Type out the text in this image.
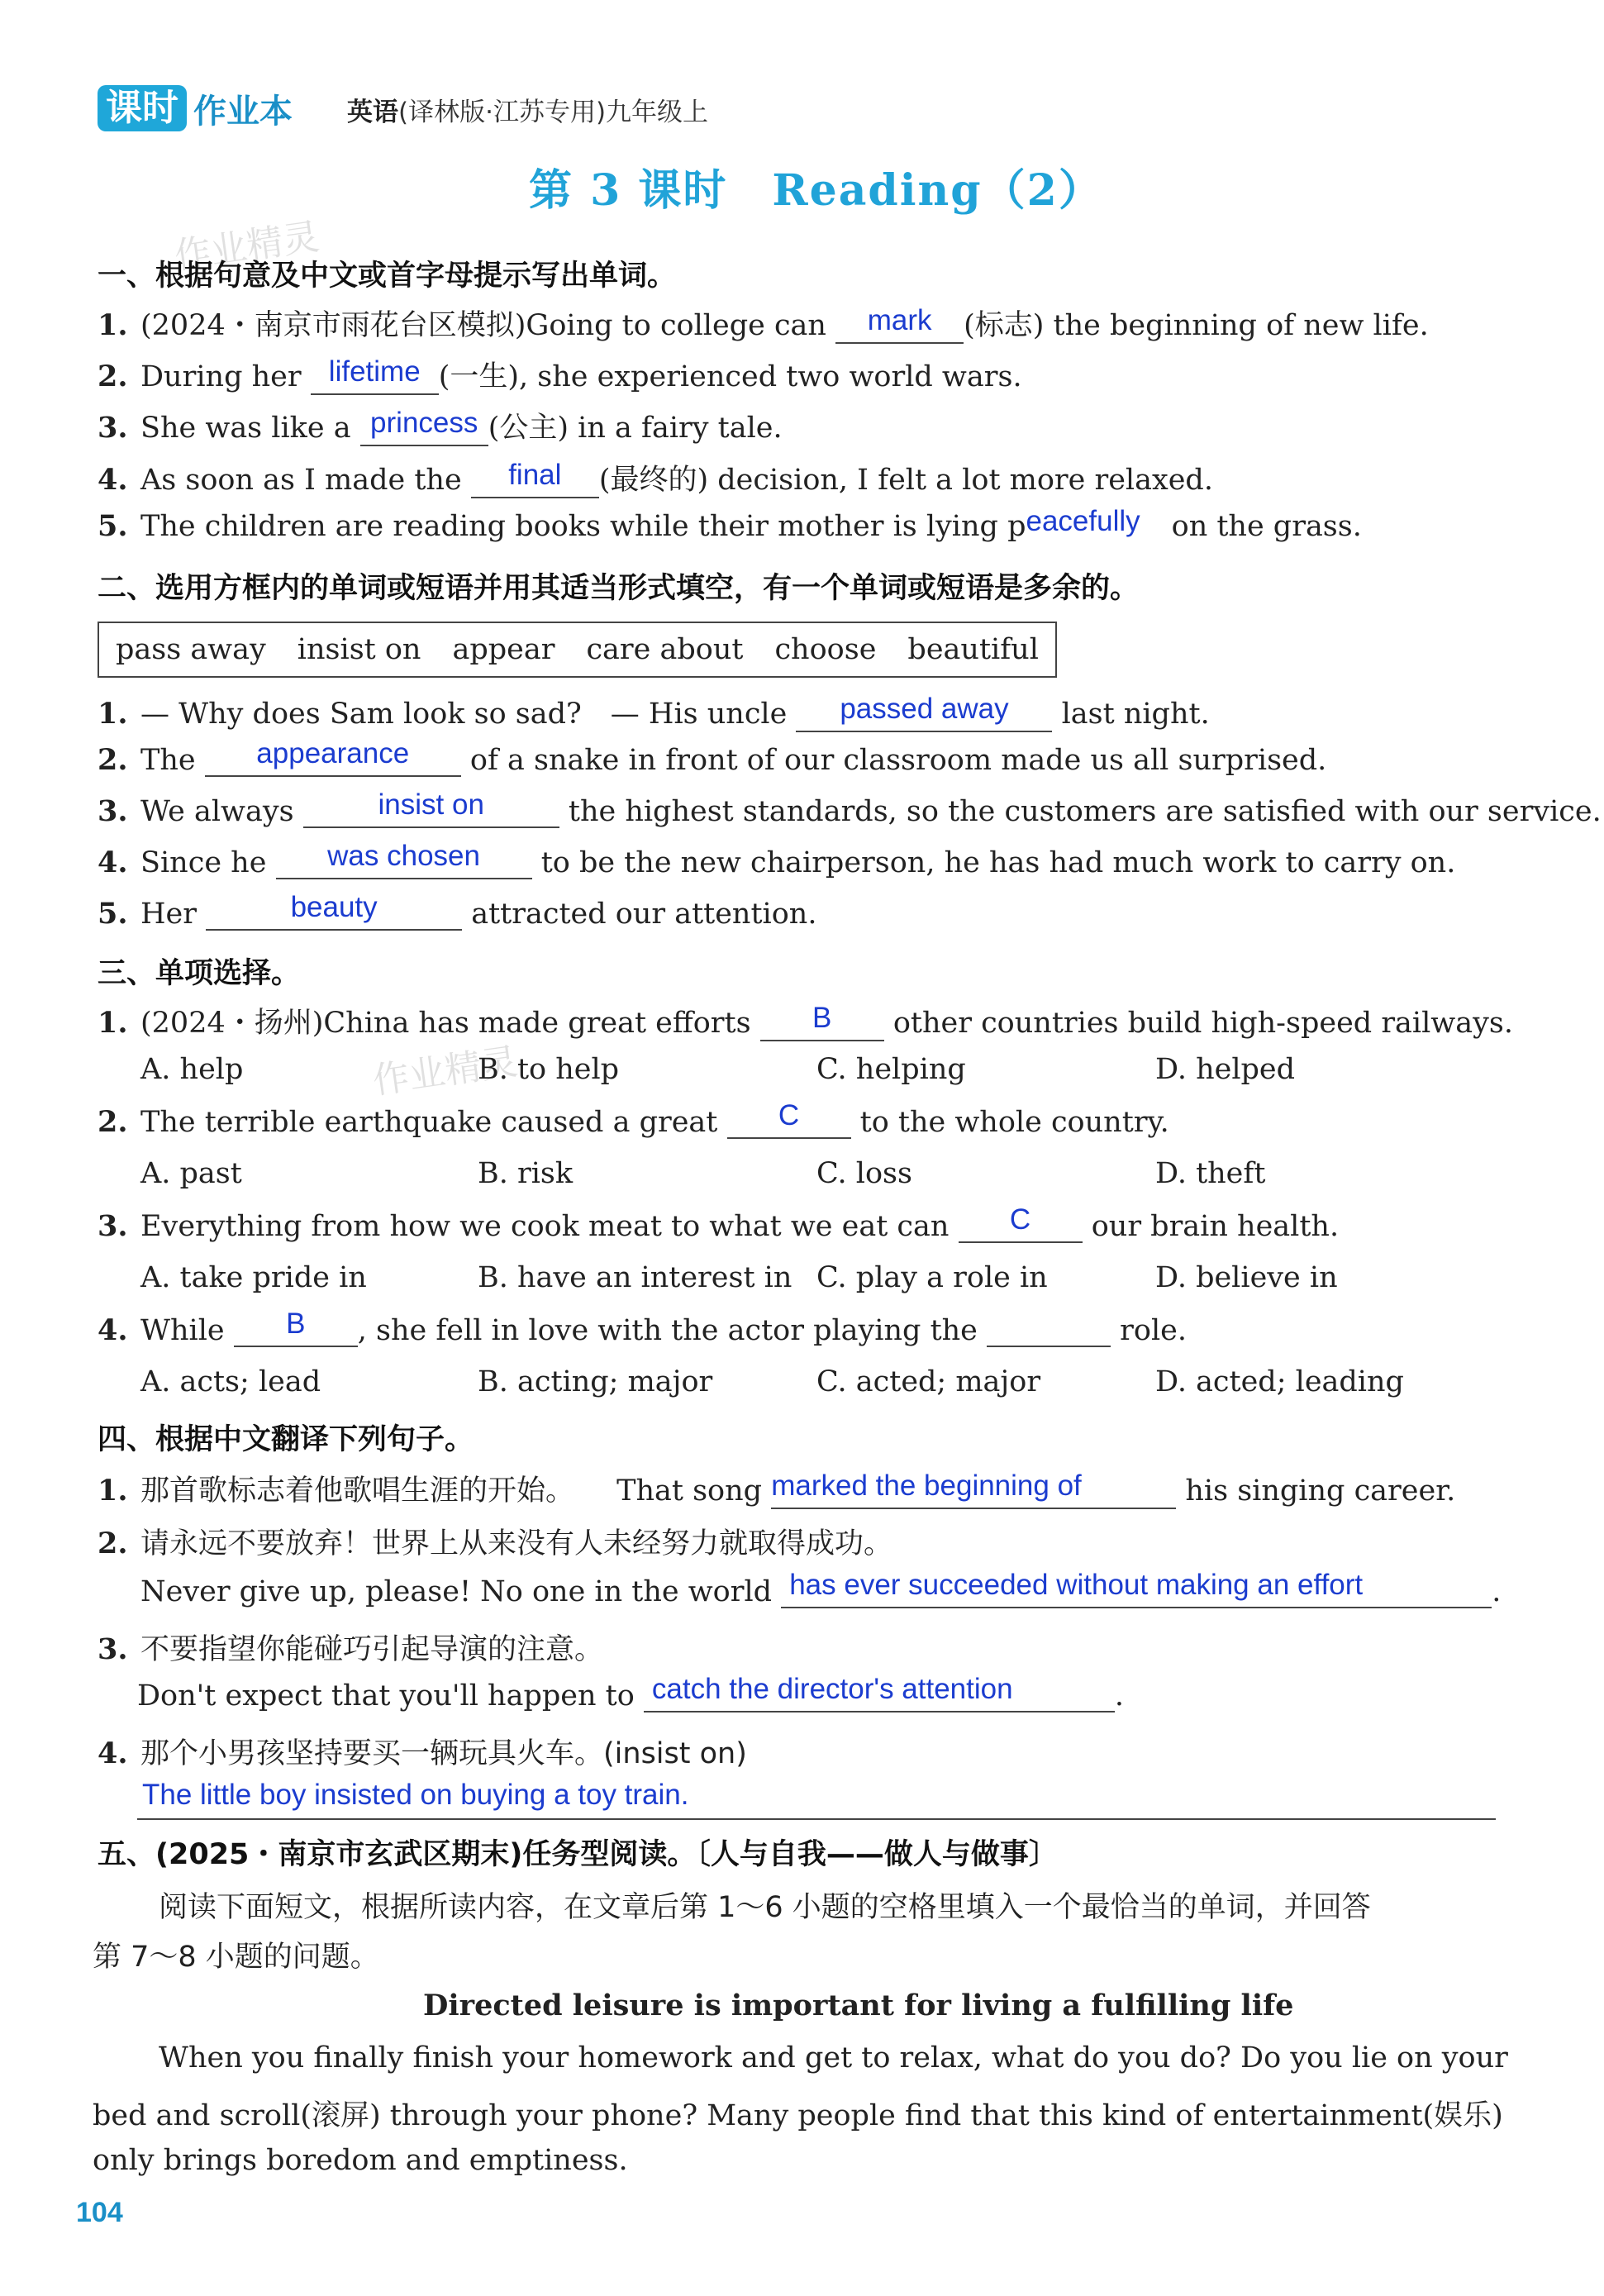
课时 作业本 英语(译林版·江苏专用)九年级上
第 3 课时　Reading（2）
作业精灵
作业精灵
一、根据句意及中文或首字母提示写出单词。
1. (2024・南京市雨花台区模拟)Going to college can	mark	(标志) the beginning of new life.
2. During her lifetime (一生), she experienced two world wars.
3. She was like a princess (公主) in a fairy tale.
4. As soon as I made the	final	(最终的) decision, I felt a lot more relaxed.
5. The children are reading books while their mother is lying p eacefully	on the grass.
二、选用方框内的单词或短语并用其适当形式填空，有一个单词或短语是多余的。
pass away insist on appear care about choose beautiful
1. — Why does Sam look so sad?　— His uncle	passed away	last night.
2. The	appearance	of a snake in front of our classroom made us all surprised.
3. We always	insist on	the highest standards, so the customers are satisfied with our service.
4. Since he	was chosen	to be the new chairperson, he has had much work to carry on.
5. Her	beauty	attracted our attention.
三、单项选择。
1. (2024・扬州)China has made great efforts	B	other countries build high-speed railways.
A. help	B. to help	C. helping	D. helped
2. The terrible earthquake caused a great	C	to the whole country.
A. past	B. risk	C. loss	D. theft
3. Everything from how we cook meat to what we eat can	C	our brain health.
A. take pride in	B. have an interest in C. play a role in	D. believe in
4. While	B	, she fell in love with the actor playing the	role.
A. acts; lead	B. acting; major	C. acted; major	D. acted; leading
四、根据中文翻译下列句子。
1. 那首歌标志着他歌唱生涯的开始。 That song marked the beginning of	his singing career.
2. 请永远不要放弃！世界上从来没有人未经努力就取得成功。
Never give up, please! No one in the world has ever succeeded without making an effort	.
3. 不要指望你能碰巧引起导演的注意。
Don't expect that you'll happen to catch the director's attention	.
4. 那个小男孩坚持要买一辆玩具火车。(insist on)
The little boy insisted on buying a toy train.
五、(2025・南京市玄武区期末)任务型阅读。〔人与自我——做人与做事〕
阅读下面短文，根据所读内容，在文章后第 1～6 小题的空格里填入一个最恰当的单词，并回答
第 7～8 小题的问题。
Directed leisure is important for living a fulfilling life
When you finally finish your homework and get to relax, what do you do? Do you lie on your
bed and scroll(滚屏) through your phone? Many people find that this kind of entertainment(娱乐)
only brings boredom and emptiness.
104
